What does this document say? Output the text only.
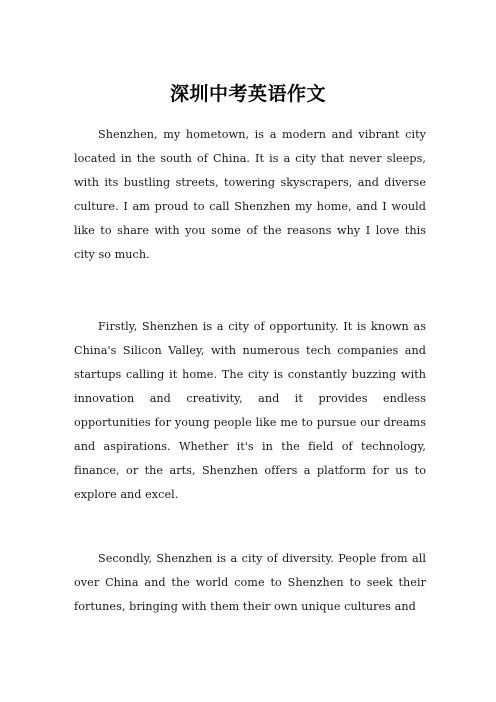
深圳中考英语作文

Shenzhen, my hometown, is a modern and vibrant city located in the south of China. It is a city that never sleeps, with its bustling streets, towering skyscrapers, and diverse culture. I am proud to call Shenzhen my home, and I would like to share with you some of the reasons why I love this city so much.

Firstly, Shenzhen is a city of opportunity. It is known as China's Silicon Valley, with numerous tech companies and startups calling it home. The city is constantly buzzing with innovation and creativity, and it provides endless opportunities for young people like me to pursue our dreams and aspirations. Whether it's in the field of technology, finance, or the arts, Shenzhen offers a platform for us to explore and excel.

Secondly, Shenzhen is a city of diversity. People from all over China and the world come to Shenzhen to seek their fortunes, bringing with them their own unique cultures and
